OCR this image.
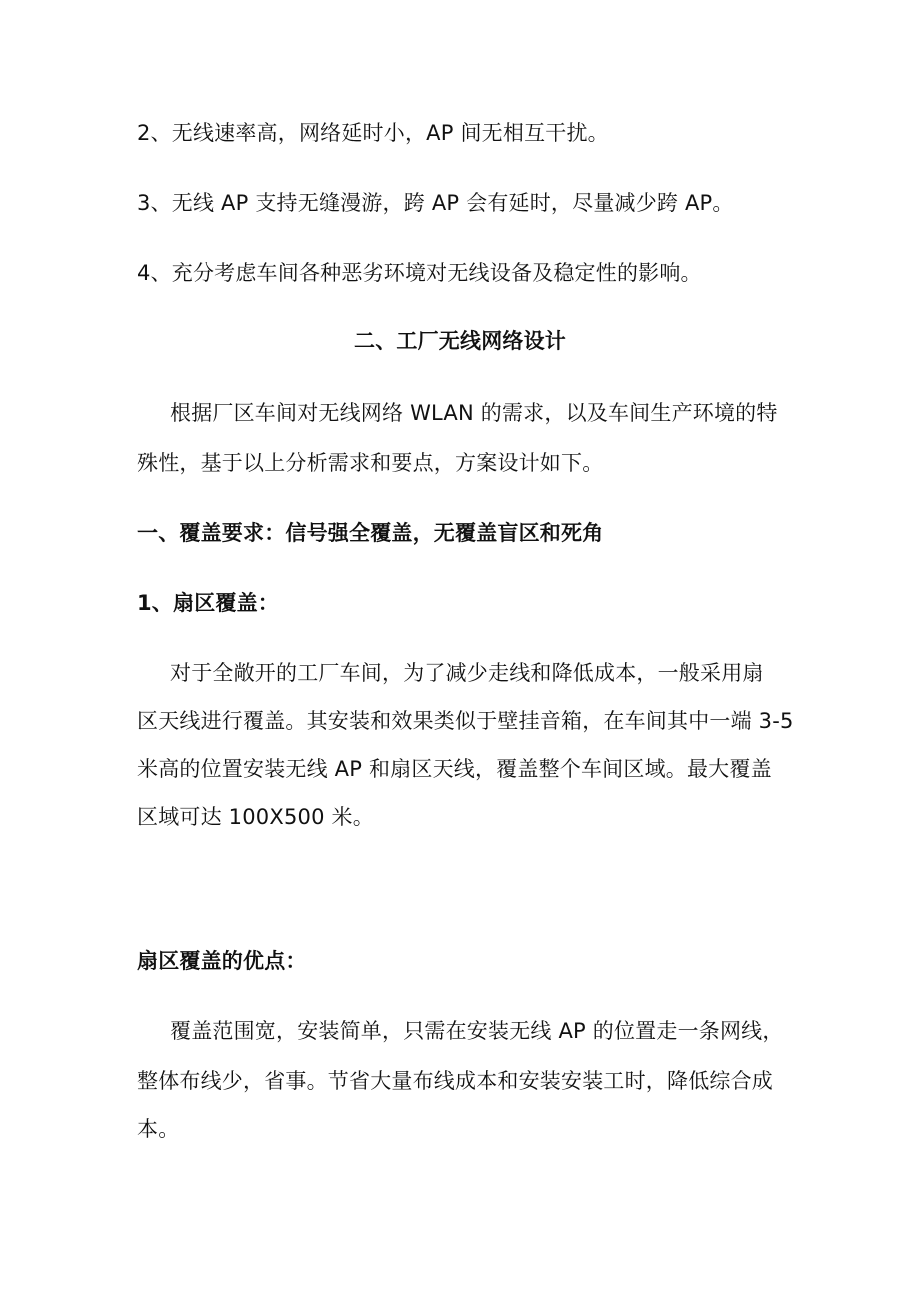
2、无线速率高，网络延时小，AP 间无相互干扰。

3、无线 AP 支持无缝漫游，跨 AP 会有延时，尽量减少跨 AP。

4、充分考虑车间各种恶劣环境对无线设备及稳定性的影响。

二、工厂无线网络设计

根据厂区车间对无线网络 WLAN 的需求，以及车间生产环境的特

殊性，基于以上分析需求和要点，方案设计如下。

一、覆盖要求：信号强全覆盖，无覆盖盲区和死角

1、扇区覆盖：

对于全敞开的工厂车间，为了减少走线和降低成本，一般采用扇

区天线进行覆盖。其安装和效果类似于壁挂音箱，在车间其中一端 3-5

米高的位置安装无线 AP 和扇区天线，覆盖整个车间区域。最大覆盖

区域可达 100X500 米。

扇区覆盖的优点：

覆盖范围宽，安装简单，只需在安装无线 AP 的位置走一条网线，

整体布线少，省事。节省大量布线成本和安装安装工时，降低综合成

本。
